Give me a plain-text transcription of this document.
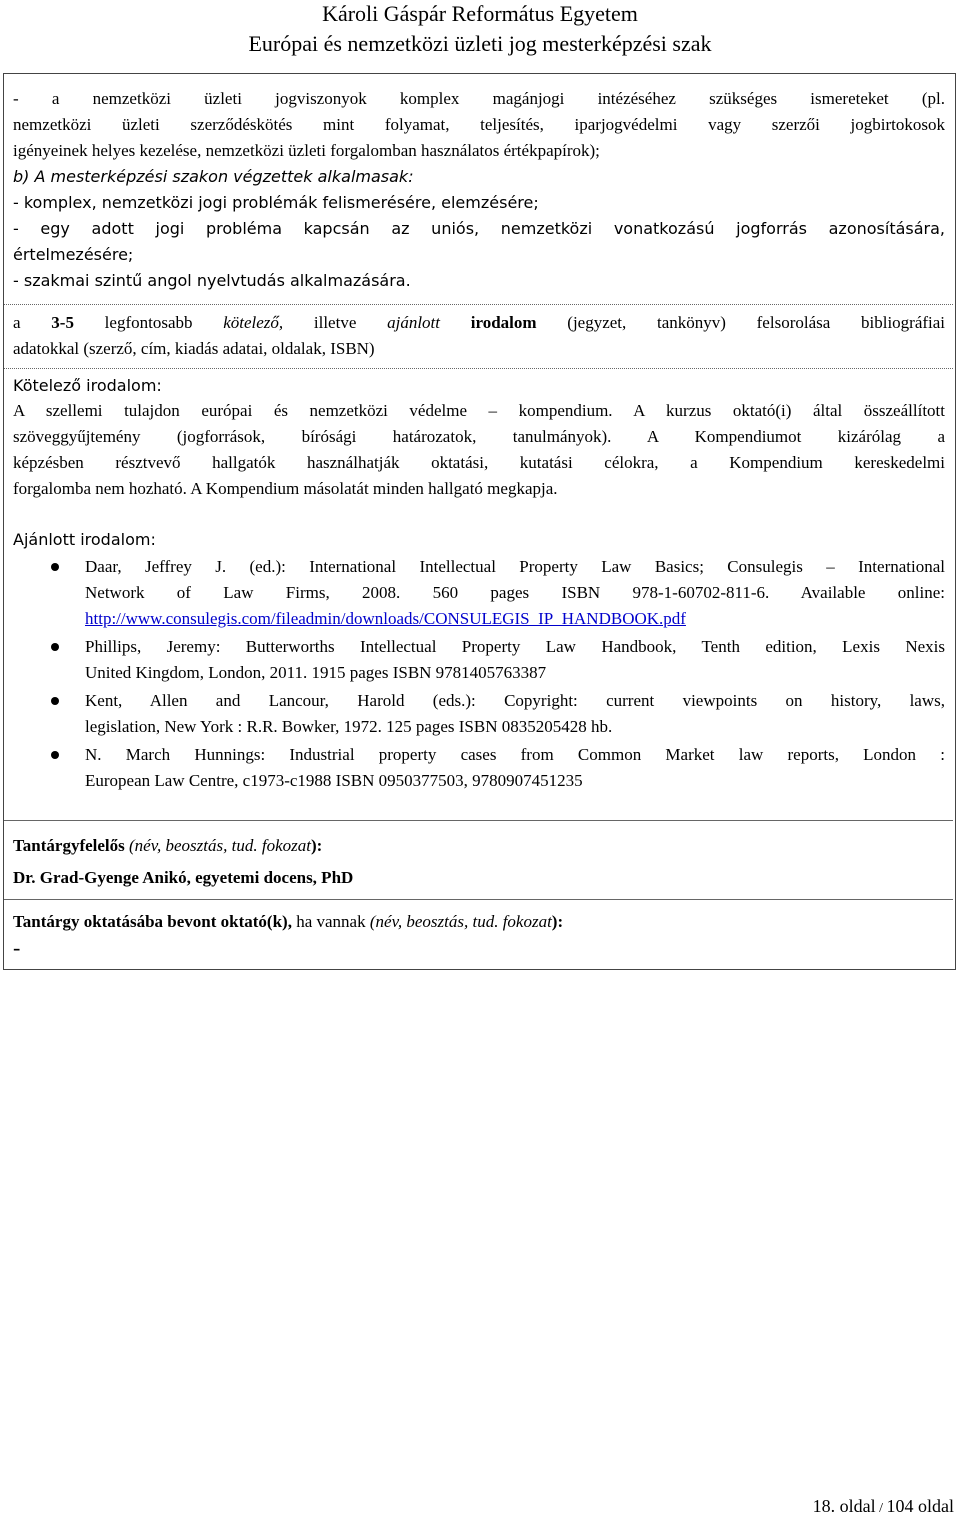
Károli Gáspár Református Egyetem
Európai és nemzetközi üzleti jog mesterképzési szak

- a nemzetközi üzleti jogviszonyok komplex magánjogi intézéséhez szükséges ismereteket (pl.

nemzetközi üzleti szerződéskötés mint folyamat, teljesítés, iparjogvédelmi vagy szerzői jogbirtokosok

igényeinek helyes kezelése, nemzetközi üzleti forgalomban használatos értékpapírok);

b) A mesterképzési szakon végzettek alkalmasak:

- komplex, nemzetközi jogi problémák felismerésére, elemzésére;

- egy adott jogi probléma kapcsán az uniós, nemzetközi vonatkozású jogforrás azonosítására,

értelmezésére;

- szakmai szintű angol nyelvtudás alkalmazására.

a 3-5 legfontosabb kötelező, illetve ajánlott irodalom (jegyzet, tankönyv) felsorolása bibliográfiai

adatokkal (szerző, cím, kiadás adatai, oldalak, ISBN)

Kötelező irodalom:

A szellemi tulajdon európai és nemzetközi védelme – kompendium. A kurzus oktató(i) által összeállított

szöveggyűjtemény (jogforrások, bírósági határozatok, tanulmányok). A Kompendiumot kizárólag a

képzésben résztvevő hallgatók használhatják oktatási, kutatási célokra, a Kompendium kereskedelmi

forgalomba nem hozható. A Kompendium másolatát minden hallgató megkapja.

Ajánlott irodalom:

Daar, Jeffrey J. (ed.): International Intellectual Property Law Basics; Consulegis – International

Network of Law Firms, 2008. 560 pages ISBN 978-1-60702-811-6. Available online:

http://www.consulegis.com/fileadmin/downloads/CONSULEGIS_IP_HANDBOOK.pdf

Phillips, Jeremy: Butterworths Intellectual Property Law Handbook, Tenth edition, Lexis Nexis

United Kingdom, London, 2011. 1915 pages ISBN 9781405763387

Kent, Allen and Lancour, Harold (eds.): Copyright: current viewpoints on history, laws,

legislation, New York : R.R. Bowker, 1972. 125 pages ISBN 0835205428 hb.

N. March Hunnings: Industrial property cases from Common Market law reports, London :

European Law Centre, c1973-c1988 ISBN 0950377503, 9780907451235

Tantárgyfelelős (név, beosztás, tud. fokozat):

Dr. Grad-Gyenge Anikó, egyetemi docens, PhD

Tantárgy oktatásába bevont oktató(k), ha vannak (név, beosztás, tud. fokozat):

-

18. oldal / 104 oldal
